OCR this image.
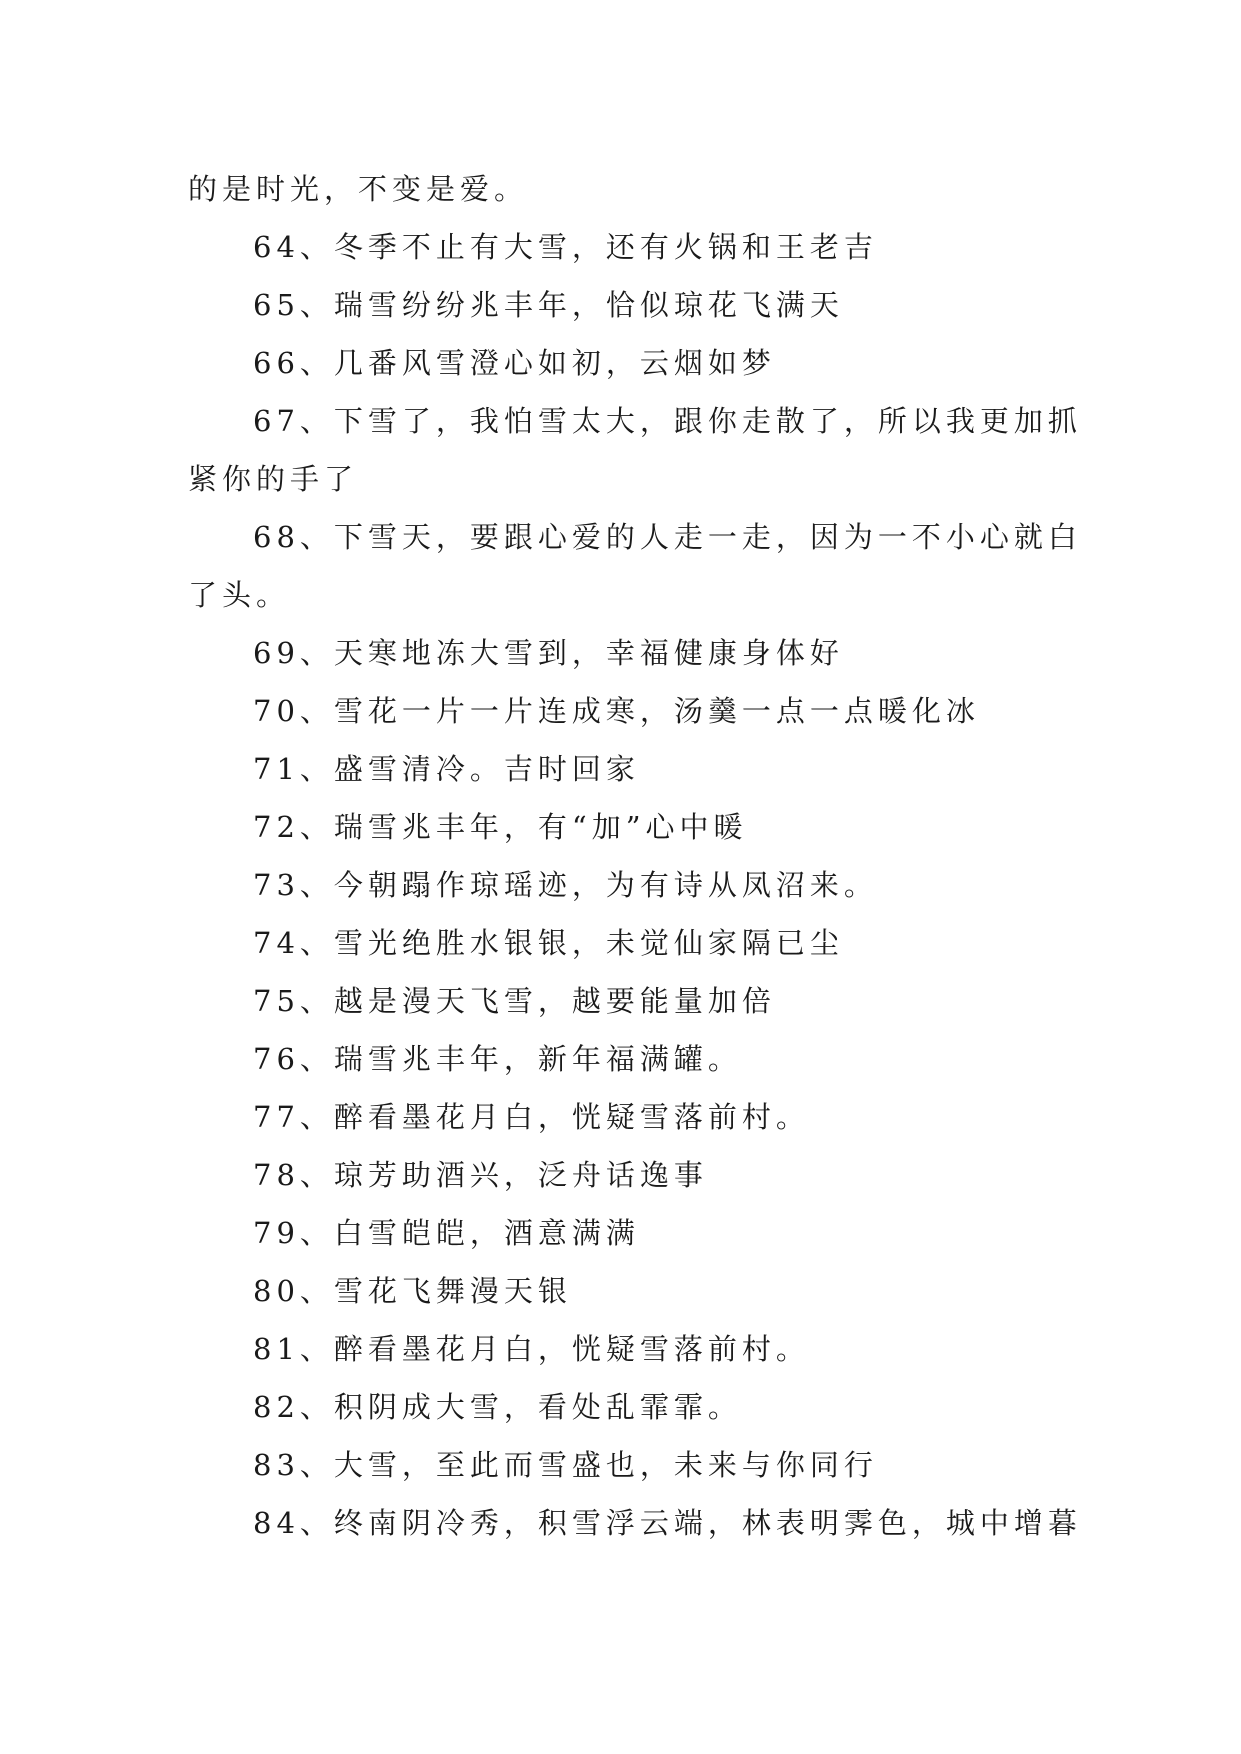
的是时光，不变是爱。
64、冬季不止有大雪，还有火锅和王老吉
65、瑞雪纷纷兆丰年，恰似琼花飞满天
66、几番风雪澄心如初，云烟如梦
67、下雪了，我怕雪太大，跟你走散了，所以我更加抓
紧你的手了
68、下雪天，要跟心爱的人走一走，因为一不小心就白
了头。
69、天寒地冻大雪到，幸福健康身体好
70、雪花一片一片连成寒，汤羹一点一点暖化冰
71、盛雪清冷。吉时回家
72、瑞雪兆丰年，有“加”心中暖
73、今朝蹋作琼瑶迹，为有诗从凤沼来。
74、雪光绝胜水银银，未觉仙家隔已尘
75、越是漫天飞雪，越要能量加倍
76、瑞雪兆丰年，新年福满罐。
77、醉看墨花月白，恍疑雪落前村。
78、琼芳助酒兴，泛舟话逸事
79、白雪皑皑，酒意满满
80、雪花飞舞漫天银
81、醉看墨花月白，恍疑雪落前村。
82、积阴成大雪，看处乱霏霏。
83、大雪，至此而雪盛也，未来与你同行
84、终南阴冷秀，积雪浮云端，林表明霁色，城中增暮
